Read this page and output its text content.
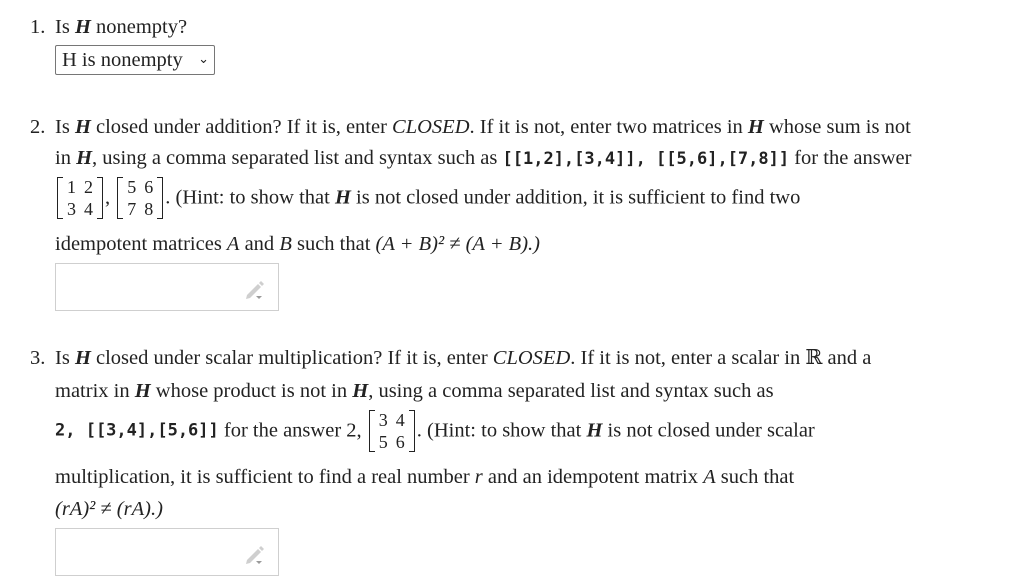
1. Is H nonempty?
H is nonempty ⌄
2. Is H closed under addition? If it is, enter CLOSED. If it is not, enter two matrices in H whose sum is not
in H, using a comma separated list and syntax such as [[1,2],[3,4]], [[5,6],[7,8]] for the answer
1	2
3	4
, 5	6
7	8
. (Hint: to show that H is not closed under addition, it is sufficient to find two
idempotent matrices A and B such that (A + B)² ≠ (A + B).)
3. Is H closed under scalar multiplication? If it is, enter CLOSED. If it is not, enter a scalar in ℝ and a
matrix in H whose product is not in H, using a comma separated list and syntax such as
2, [[3,4],[5,6]] for the answer 2, 3	4
5	6
. (Hint: to show that H is not closed under scalar
multiplication, it is sufficient to find a real number r and an idempotent matrix A such that
(rA)² ≠ (rA).)
